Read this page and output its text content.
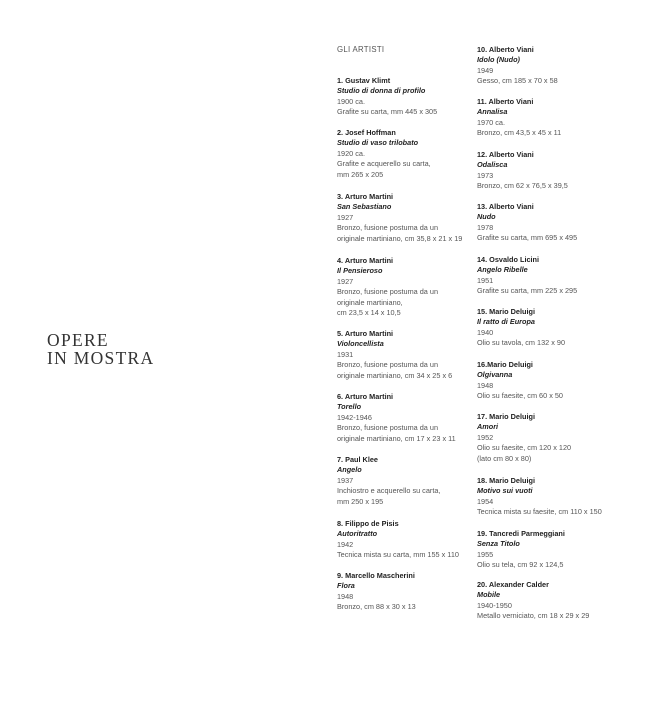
OPERE
IN MOSTRA
GLI ARTISTI
1. Gustav Klimt
Studio di donna di profilo
1900 ca.
Grafite su carta, mm 445 x 305
2. Josef Hoffman
Studio di vaso trilobato
1920 ca.
Grafite e acquerello su carta,
mm 265 x 205
3. Arturo Martini
San Sebastiano
1927
Bronzo, fusione postuma da un
originale martiniano, cm 35,8 x 21 x 19
4. Arturo Martini
Il Pensieroso
1927
Bronzo, fusione postuma da un
originale martiniano,
cm 23,5 x 14 x 10,5
5. Arturo Martini
Violoncellista
1931
Bronzo, fusione postuma da un
originale martiniano, cm 34 x 25 x 6
6. Arturo Martini
Torello
1942-1946
Bronzo, fusione postuma da un
originale martiniano, cm 17 x 23 x 11
7. Paul Klee
Angelo
1937
Inchiostro e acquerello su carta,
mm 250 x 195
8. Filippo de Pisis
Autoritratto
1942
Tecnica mista su carta, mm 155 x 110
9. Marcello Mascherini
Flora
1948
Bronzo, cm 88 x 30 x 13
10. Alberto Viani
Idolo (Nudo)
1949
Gesso, cm 185 x 70 x 58
11. Alberto Viani
Annalisa
1970 ca.
Bronzo, cm 43,5 x 45 x 11
12. Alberto Viani
Odalisca
1973
Bronzo, cm 62 x 76,5 x 39,5
13. Alberto Viani
Nudo
1978
Grafite su carta, mm 695 x 495
14. Osvaldo Licini
Angelo Ribelle
1951
Grafite su carta, mm 225 x 295
15. Mario Deluigi
Il ratto di Europa
1940
Olio su tavola, cm 132 x 90
16.Mario Deluigi
Olgivanna
1948
Olio su faesite, cm 60 x 50
17. Mario Deluigi
Amori
1952
Olio su faesite, cm 120 x 120
(lato cm 80 x 80)
18. Mario Deluigi
Motivo sui vuoti
1954
Tecnica mista su faesite, cm 110 x 150
19. Tancredi Parmeggiani
Senza Titolo
1955
Olio su tela, cm 92 x 124,5
20. Alexander Calder
Mobile
1940-1950
Metallo verniciato, cm 18 x 29 x 29
